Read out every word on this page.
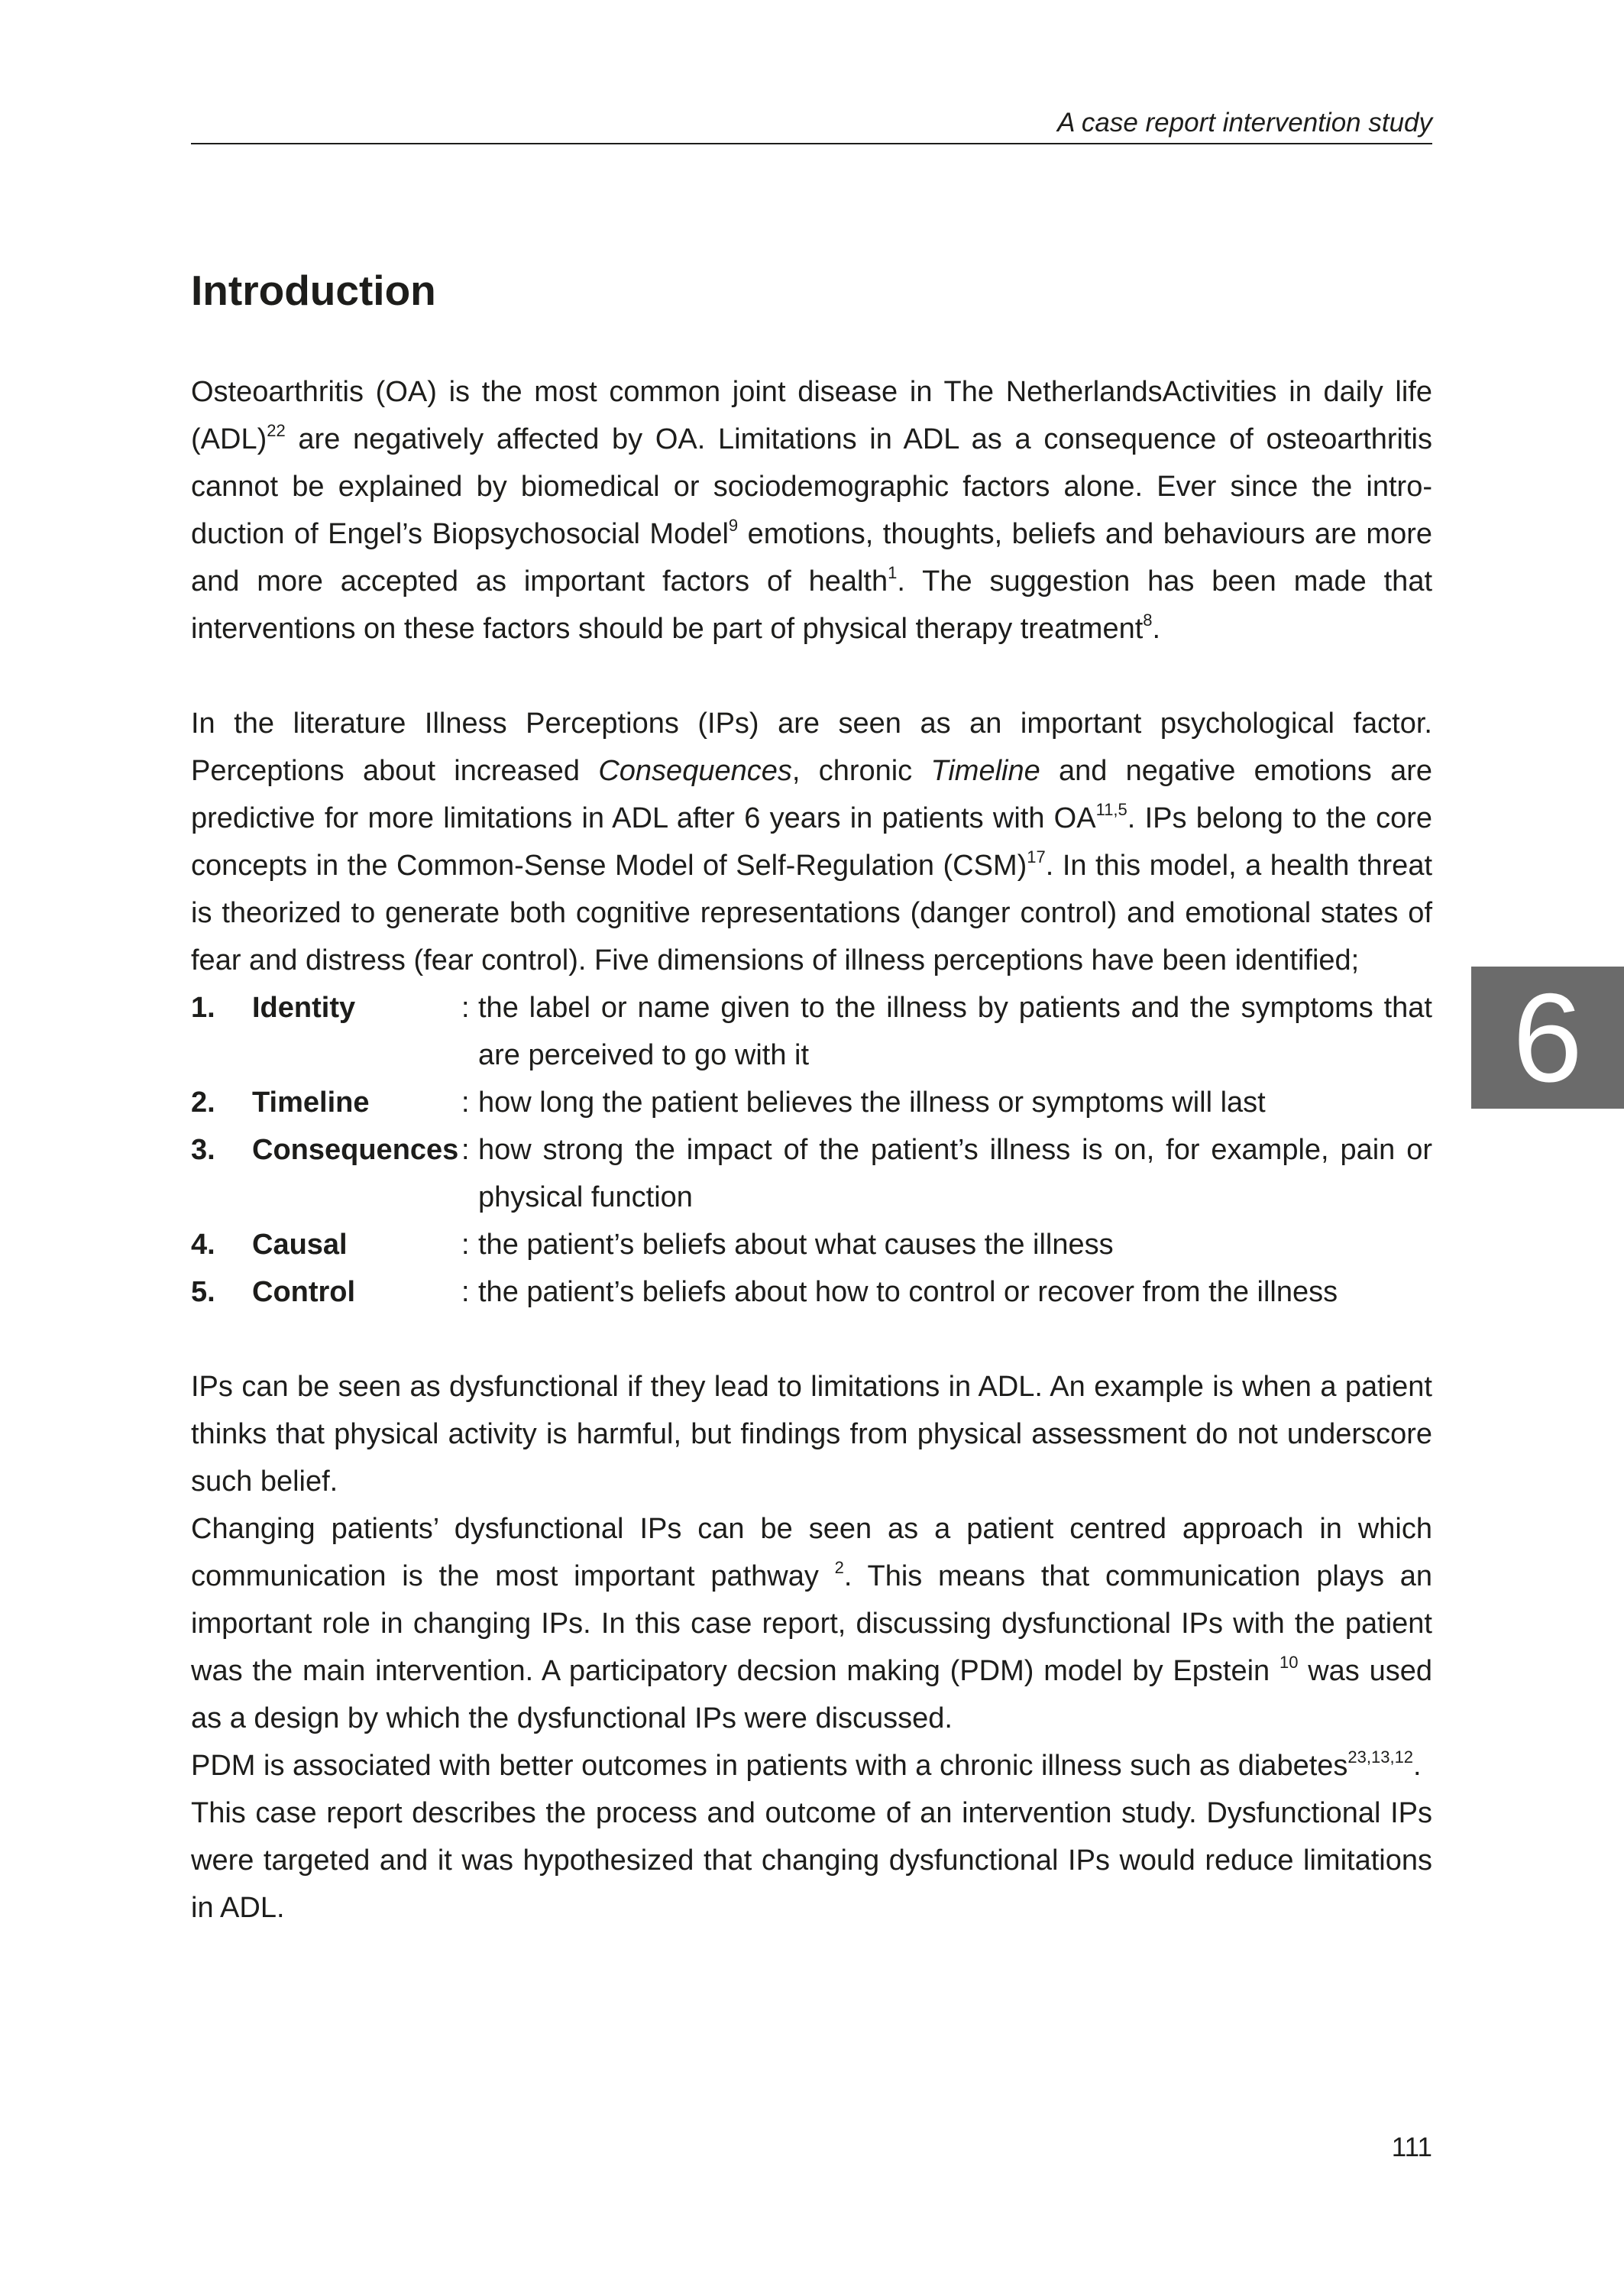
A case report intervention study
Introduction

Osteoarthritis (OA) is the most common joint disease in The NetherlandsActivities in daily life (ADL)$^{22}$ are negatively affected by OA. Limitations in ADL as a consequence of osteoarthritis cannot be explained by biomedical or sociodemographic factors alone. Ever since the introduction of Engel’s Biopsychosocial Model$^9$ emotions, thoughts, beliefs and behaviours are more and more accepted as important factors of health$^1$. The suggestion has been made that interventions on these factors should be part of physical therapy treatment$^8$.

In the literature Illness Perceptions (IPs) are seen as an important psychological factor. Perceptions about increased Consequences, chronic Timeline and negative emotions are predictive for more limitations in ADL after 6 years in patients with OA$^{11,5}$. IPs belong to the core concepts in the Common-Sense Model of Self-Regulation (CSM)$^{17}$. In this model, a health threat is theorized to generate both cognitive representations (danger control) and emotional states of fear and distress (fear control). Five dimensions of illness perceptions have been identified;

1.	Identity	: the label or name given to the illness by patients and the symptoms that are perceived to go with it
2.	Timeline	: how long the patient believes the illness or symptoms will last
3.	Consequences : how strong the impact of the patient’s illness is on, for example, pain or physical function
4.	Causal	: the patient’s beliefs about what causes the illness
5.	Control	: the patient’s beliefs about how to control or recover from the illness

IPs can be seen as dysfunctional if they lead to limitations in ADL. An example is when a patient thinks that physical activity is harmful, but findings from physical assessment do not underscore such belief.

Changing patients’ dysfunctional IPs can be seen as a patient centred approach in which communication is the most important pathway $^2$. This means that communication plays an important role in changing IPs. In this case report, discussing dysfunctional IPs with the patient was the main intervention. A participatory decsion making (PDM) model by Epstein $^{10}$ was used as a design by which the dysfunctional IPs were discussed.

PDM is associated with better outcomes in patients with a chronic illness such as diabetes$^{23,13,12}$.

This case report describes the process and outcome of an intervention study. Dysfunctional IPs were targeted and it was hypothesized that changing dysfunctional IPs would reduce limitations in ADL.

6
111
